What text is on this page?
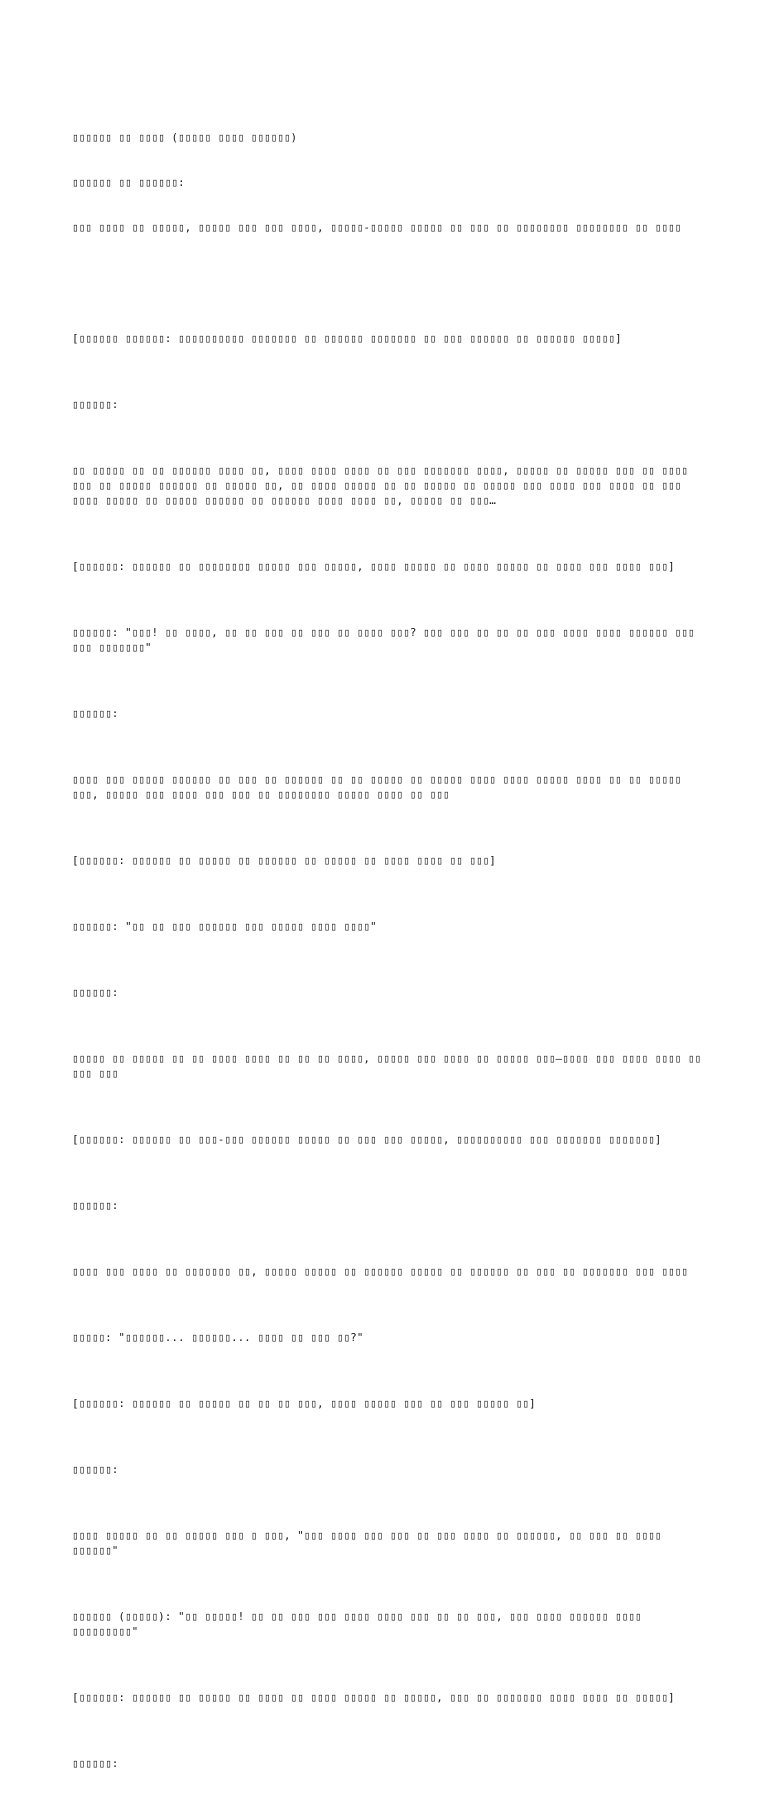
▯▯▯▯▯▯ ▯▯ ▯▯▯▯ (▯▯▯▯▯ ▯▯▯▯ ▯▯▯▯▯▯)

▯▯▯▯▯▯ ▯▯ ▯▯▯▯▯▯:

▯▯▯ ▯▯▯▯ ▯▯ ▯▯▯▯▯, ▯▯▯▯▯ ▯▯▯ ▯▯▯ ▯▯▯▯, ▯▯▯▯▯-▯▯▯▯▯ ▯▯▯▯▯ ▯▯ ▯▯▯ ▯▯ ▯▯▯▯▯▯▯▯ ▯▯▯▯▯▯▯▯ ▯▯ ▯▯▯▯

[▯▯▯▯▯▯ ▯▯▯▯▯▯: ▯▯▯▯▯▯▯▯▯▯ ▯▯▯▯▯▯▯ ▯▯ ▯▯▯▯▯▯ ▯▯▯▯▯▯▯ ▯▯ ▯▯▯ ▯▯▯▯▯▯ ▯▯ ▯▯▯▯▯▯ ▯▯▯▯▯]

▯▯▯▯▯▯:

▯▯ ▯▯▯▯▯ ▯▯ ▯▯ ▯▯▯▯▯▯ ▯▯▯▯ ▯▯, ▯▯▯▯ ▯▯▯▯ ▯▯▯▯ ▯▯ ▯▯▯ ▯▯▯▯▯▯▯ ▯▯▯▯, ▯▯▯▯▯ ▯▯ ▯▯▯▯▯ ▯▯▯ ▯▯ ▯▯▯▯ ▯▯▯ ▯▯ ▯▯▯▯▯ ▯▯▯▯▯▯ ▯▯ ▯▯▯▯▯ ▯▯, ▯▯ ▯▯▯▯ ▯▯▯▯▯ ▯▯ ▯▯ ▯▯▯▯▯ ▯▯ ▯▯▯▯▯ ▯▯▯ ▯▯▯▯ ▯▯▯ ▯▯▯▯ ▯▯ ▯▯▯ ▯▯▯▯ ▯▯▯▯▯ ▯▯ ▯▯▯▯▯ ▯▯▯▯▯▯ ▯▯ ▯▯▯▯▯▯ ▯▯▯▯ ▯▯▯▯ ▯▯, ▯▯▯▯▯ ▯▯ ▯▯▯…

[▯▯▯▯▯▯: ▯▯▯▯▯▯ ▯▯ ▯▯▯▯▯▯▯▯ ▯▯▯▯▯ ▯▯▯ ▯▯▯▯▯, ▯▯▯▯ ▯▯▯▯▯ ▯▯ ▯▯▯▯ ▯▯▯▯▯ ▯▯ ▯▯▯▯ ▯▯▯ ▯▯▯▯ ▯▯▯]

▯▯▯▯▯▯: "▯▯▯! ▯▯ ▯▯▯▯, ▯▯ ▯▯ ▯▯▯ ▯▯ ▯▯▯ ▯▯ ▯▯▯▯ ▯▯▯? ▯▯▯ ▯▯▯ ▯▯ ▯▯ ▯▯ ▯▯▯ ▯▯▯▯ ▯▯▯▯ ▯▯▯▯▯▯ ▯▯▯ ▯▯▯ ▯▯▯▯▯▯▯"

▯▯▯▯▯▯:

▯▯▯▯ ▯▯▯ ▯▯▯▯▯ ▯▯▯▯▯▯ ▯▯ ▯▯▯ ▯▯ ▯▯▯▯▯▯ ▯▯ ▯▯ ▯▯▯▯▯ ▯▯ ▯▯▯▯▯ ▯▯▯▯ ▯▯▯▯ ▯▯▯▯▯ ▯▯▯▯ ▯▯ ▯▯ ▯▯▯▯▯ ▯▯▯, ▯▯▯▯▯ ▯▯▯ ▯▯▯▯ ▯▯▯ ▯▯▯ ▯▯ ▯▯▯▯▯▯▯▯ ▯▯▯▯▯ ▯▯▯▯ ▯▯ ▯▯▯

[▯▯▯▯▯▯: ▯▯▯▯▯▯ ▯▯ ▯▯▯▯▯ ▯▯ ▯▯▯▯▯▯ ▯▯ ▯▯▯▯▯ ▯▯ ▯▯▯▯ ▯▯▯▯ ▯▯ ▯▯▯]

▯▯▯▯▯▯: "▯▯ ▯▯ ▯▯▯ ▯▯▯▯▯▯ ▯▯▯ ▯▯▯▯▯ ▯▯▯▯ ▯▯▯▯"

▯▯▯▯▯▯:

▯▯▯▯▯ ▯▯ ▯▯▯▯▯ ▯▯ ▯▯ ▯▯▯▯ ▯▯▯▯ ▯▯ ▯▯ ▯▯ ▯▯▯▯, ▯▯▯▯▯ ▯▯▯ ▯▯▯▯ ▯▯ ▯▯▯▯▯ ▯▯▯—▯▯▯▯ ▯▯▯ ▯▯▯▯ ▯▯▯▯ ▯▯ ▯▯▯ ▯▯▯

[▯▯▯▯▯▯: ▯▯▯▯▯▯ ▯▯ ▯▯▯-▯▯▯ ▯▯▯▯▯▯ ▯▯▯▯▯ ▯▯ ▯▯▯ ▯▯▯ ▯▯▯▯▯, ▯▯▯▯▯▯▯▯▯▯ ▯▯▯ ▯▯▯▯▯▯▯ ▯▯▯▯▯▯▯]

▯▯▯▯▯▯:

▯▯▯▯ ▯▯▯ ▯▯▯▯ ▯▯ ▯▯▯▯▯▯▯ ▯▯, ▯▯▯▯▯ ▯▯▯▯▯ ▯▯ ▯▯▯▯▯▯ ▯▯▯▯▯ ▯▯ ▯▯▯▯▯▯ ▯▯ ▯▯▯ ▯▯ ▯▯▯▯▯▯▯ ▯▯▯ ▯▯▯▯

▯▯▯▯▯: "▯▯▯▯▯▯... ▯▯▯▯▯▯... ▯▯▯▯ ▯▯ ▯▯▯ ▯▯?"

[▯▯▯▯▯▯: ▯▯▯▯▯▯ ▯▯ ▯▯▯▯▯ ▯▯ ▯▯ ▯▯ ▯▯▯, ▯▯▯▯ ▯▯▯▯▯ ▯▯▯ ▯▯ ▯▯▯ ▯▯▯▯▯ ▯▯]

▯▯▯▯▯▯:

▯▯▯▯ ▯▯▯▯▯ ▯▯ ▯▯ ▯▯▯▯▯ ▯▯▯ ▯ ▯▯▯, "▯▯▯ ▯▯▯▯ ▯▯▯ ▯▯▯ ▯▯ ▯▯▯ ▯▯▯▯ ▯▯ ▯▯▯▯▯▯, ▯▯ ▯▯▯ ▯▯ ▯▯▯▯ ▯▯▯▯▯▯"

▯▯▯▯▯▯ (▯▯▯▯▯): "▯▯ ▯▯▯▯▯! ▯▯ ▯▯ ▯▯▯ ▯▯▯ ▯▯▯▯ ▯▯▯▯ ▯▯▯ ▯▯ ▯▯ ▯▯▯, ▯▯▯ ▯▯▯▯ ▯▯▯▯▯▯ ▯▯▯▯ ▯▯▯▯▯▯▯▯▯"

[▯▯▯▯▯▯: ▯▯▯▯▯▯ ▯▯ ▯▯▯▯▯ ▯▯ ▯▯▯▯ ▯▯ ▯▯▯▯ ▯▯▯▯▯ ▯▯ ▯▯▯▯▯, ▯▯▯ ▯▯ ▯▯▯▯▯▯▯ ▯▯▯▯ ▯▯▯▯ ▯▯ ▯▯▯▯▯]

▯▯▯▯▯▯:
